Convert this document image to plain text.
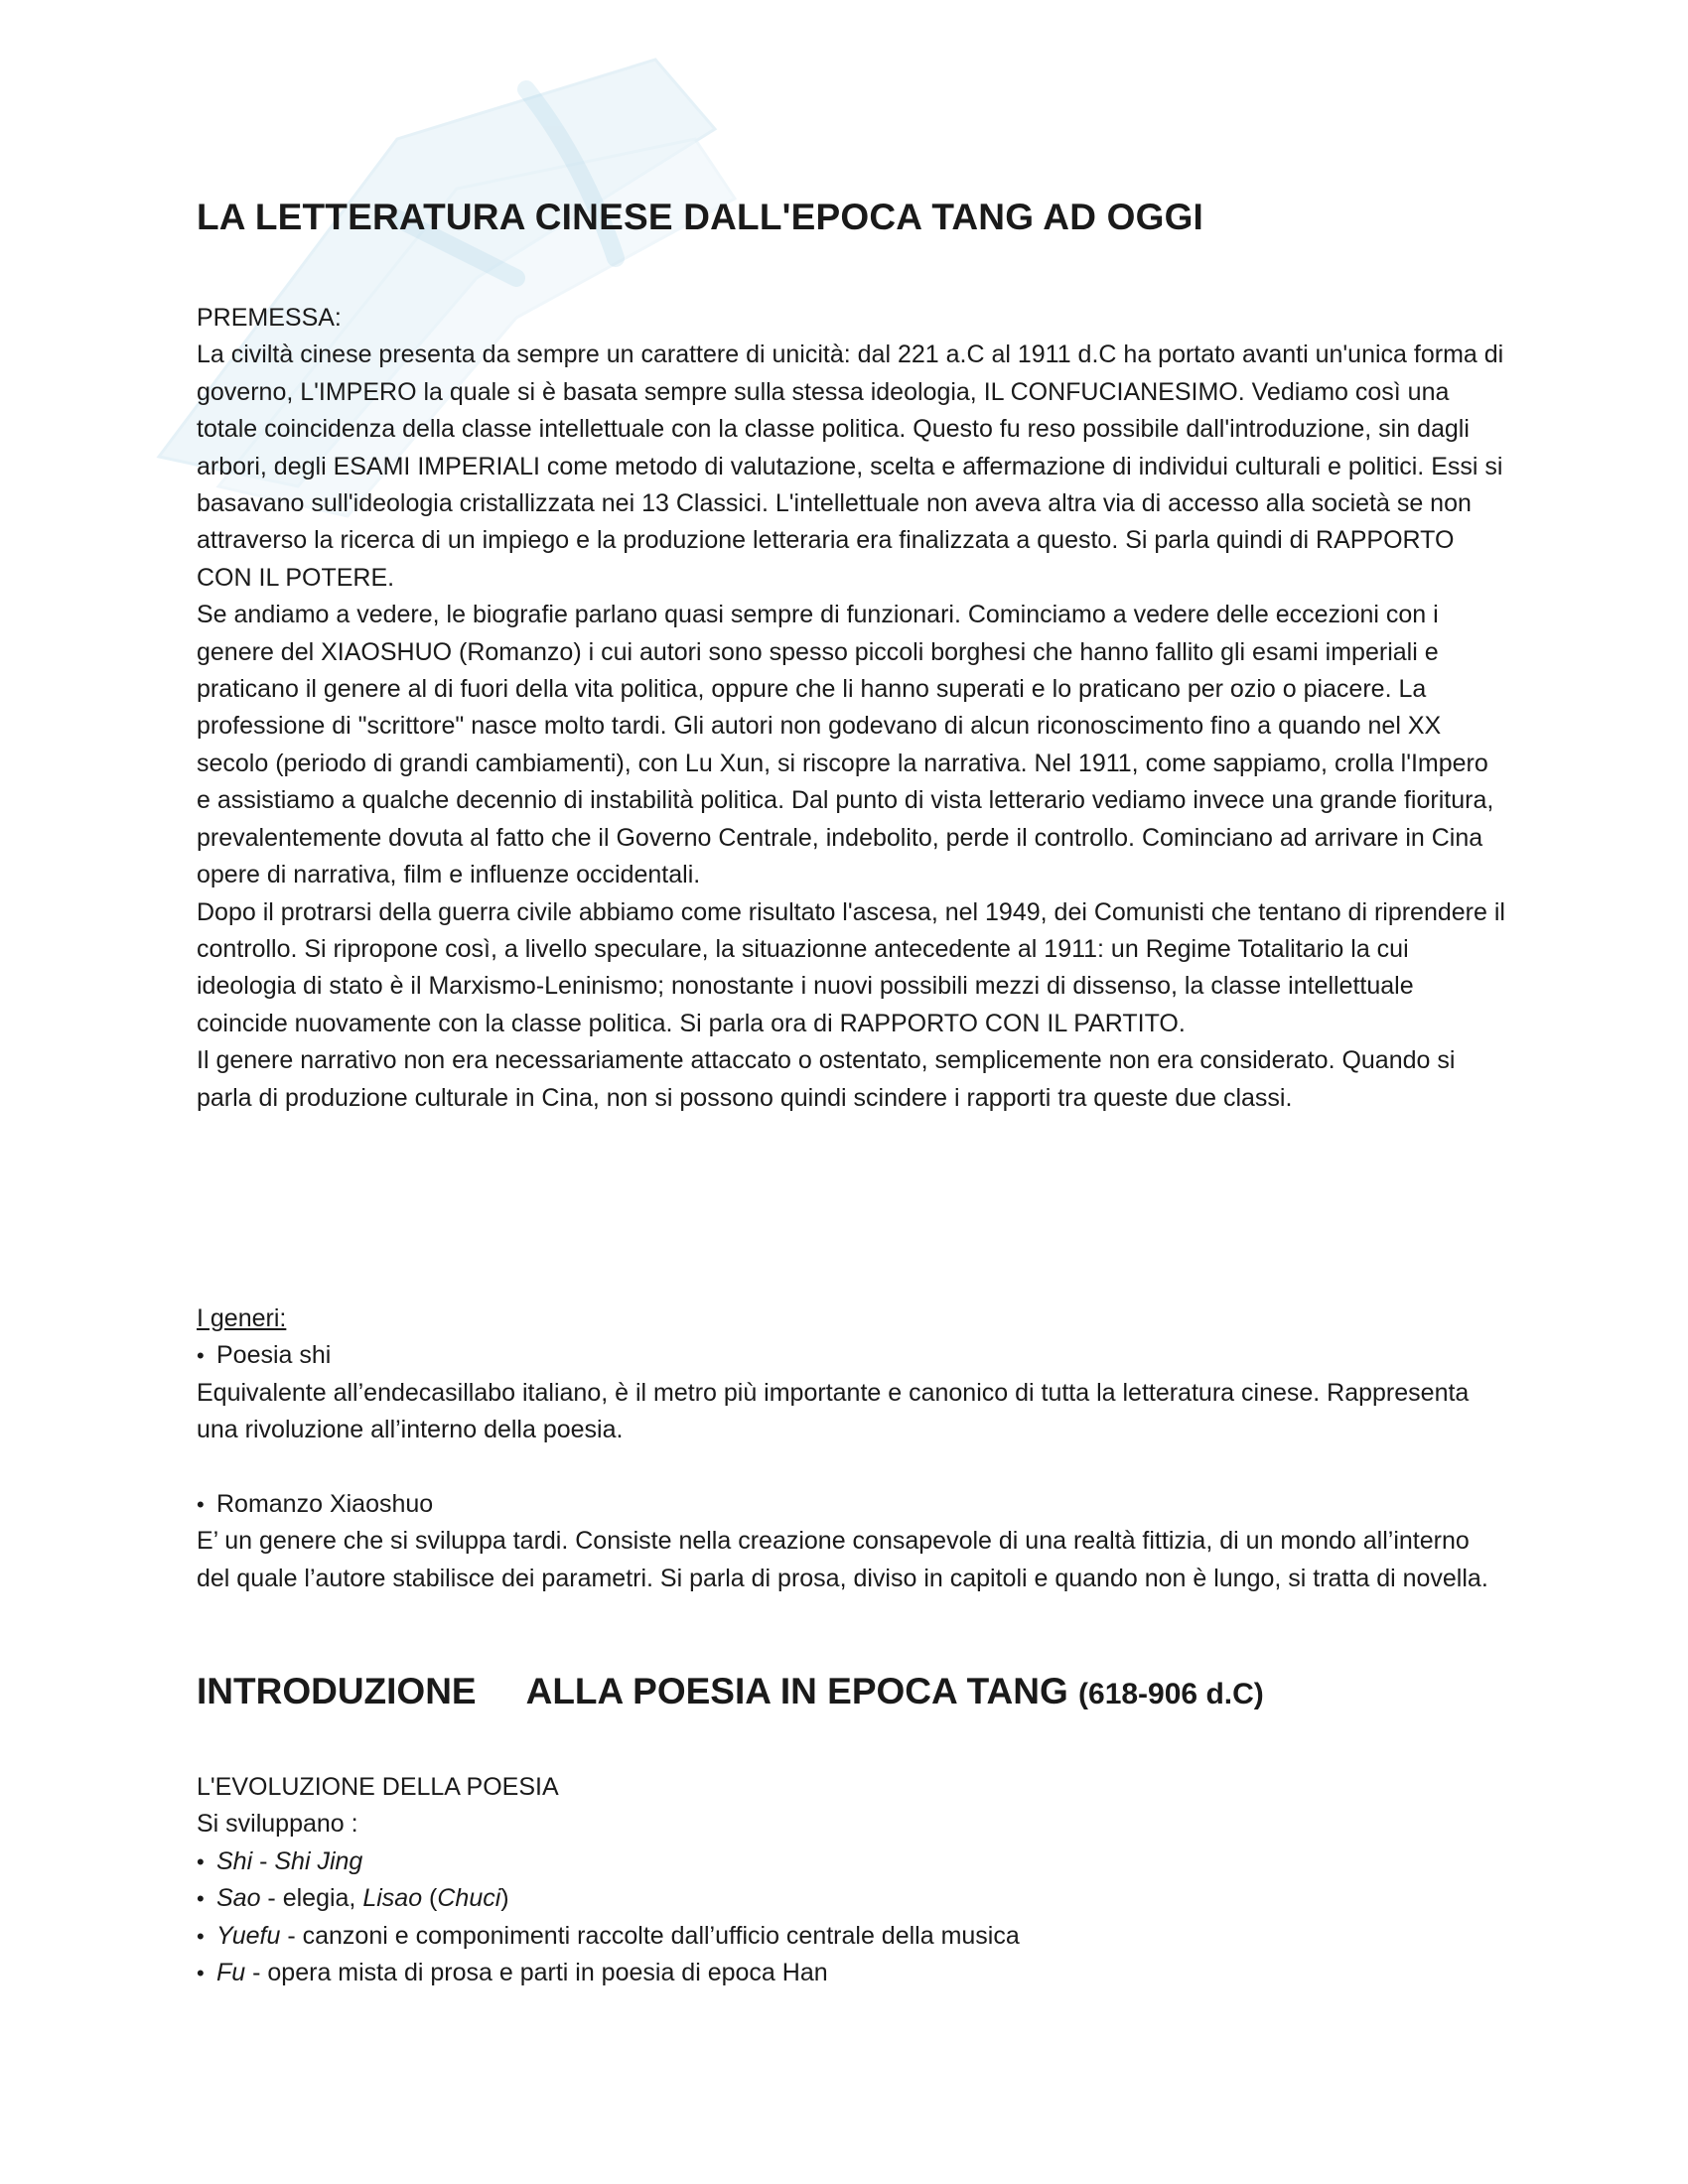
LA LETTERATURA CINESE DALL'EPOCA TANG AD OGGI

PREMESSA:

La civiltà cinese presenta da sempre un carattere di unicità: dal 221 a.C al 1911 d.C ha portato avanti un'unica forma di governo, L'IMPERO la quale si è basata sempre sulla stessa ideologia, IL CONFUCIANESIMO. Vediamo così una totale coincidenza della classe intellettuale con la classe politica. Questo fu reso possibile dall'introduzione, sin dagli arbori, degli ESAMI IMPERIALI come metodo di valutazione, scelta e affermazione di individui culturali e politici. Essi si basavano sull'ideologia cristallizzata nei 13 Classici. L'intellettuale non aveva altra via di accesso alla società se non attraverso la ricerca di un impiego e la produzione letteraria era finalizzata a questo. Si parla quindi di RAPPORTO CON IL POTERE.

Se andiamo a vedere, le biografie parlano quasi sempre di funzionari. Cominciamo a vedere delle eccezioni con i genere del XIAOSHUO (Romanzo) i cui autori sono spesso piccoli borghesi che hanno fallito gli esami imperiali e praticano il genere al di fuori della vita politica, oppure che li hanno superati e lo praticano per ozio o piacere. La professione di "scrittore" nasce molto tardi. Gli autori non godevano di alcun riconoscimento fino a quando nel XX secolo (periodo di grandi cambiamenti), con Lu Xun, si riscopre la narrativa. Nel 1911, come sappiamo, crolla l'Impero e assistiamo a qualche decennio di instabilità politica. Dal punto di vista letterario vediamo invece una grande fioritura, prevalentemente dovuta al fatto che il Governo Centrale, indebolito, perde il controllo. Cominciano ad arrivare in Cina opere di narrativa, film e influenze occidentali.

Dopo il protrarsi della guerra civile abbiamo come risultato l'ascesa, nel 1949, dei Comunisti che tentano di riprendere il controllo. Si ripropone così, a livello speculare, la situazionne antecedente al 1911: un Regime Totalitario la cui ideologia di stato è il Marxismo-Leninismo; nonostante i nuovi possibili mezzi di dissenso, la classe intellettuale coincide nuovamente con la classe politica. Si parla ora di RAPPORTO CON IL PARTITO.

Il genere narrativo non era necessariamente attaccato o ostentato, semplicemente non era considerato. Quando si parla di produzione culturale in Cina, non si possono quindi scindere i rapporti tra queste due classi.

I generi:

• Poesia shi

Equivalente all’endecasillabo italiano, è il metro più importante e canonico di tutta la letteratura cinese. Rappresenta una rivoluzione all’interno della poesia.

• Romanzo Xiaoshuo

E’ un genere che si sviluppa tardi. Consiste nella creazione consapevole di una realtà fittizia, di un mondo all’interno del quale l’autore stabilisce dei parametri. Si parla di prosa, diviso in capitoli e quando non è lungo, si tratta di novella.

INTRODUZIONE ALLA POESIA IN EPOCA TANG (618-906 d.C)

L'EVOLUZIONE DELLA POESIA

Si sviluppano :

• Shi - Shi Jing

• Sao - elegia, Lisao (Chuci)

• Yuefu - canzoni e componimenti raccolte dall’ufficio centrale della musica

• Fu - opera mista di prosa e parti in poesia di epoca Han
